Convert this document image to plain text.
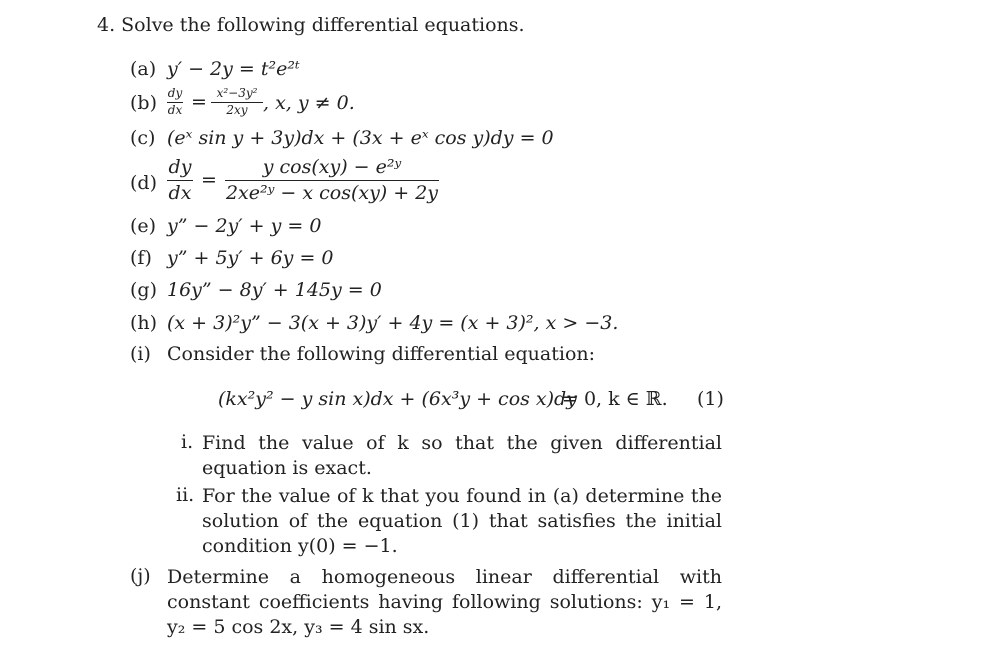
4. Solve the following differential equations.
(a) y′ − 2y = t²e²ᵗ
(b) dy
dx = x²−3y²
2xy , x, y ≠ 0.
(c) (eˣ sin y + 3y)dx + (3x + eˣ cos y)dy = 0
(d)
dy
dx
=
y cos(xy) − e²ʸ
2xe²ʸ − x cos(xy) + 2y
(e) y” − 2y′ + y = 0
(f) y” + 5y′ + 6y = 0
(g) 16y” − 8y′ + 145y = 0
(h) (x + 3)²y” − 3(x + 3)y′ + 4y = (x + 3)², x > −3.
(i) Consider the following differential equation:
(kx²y² − y sin x)dx + (6x³y + cos x)dy
= 0, k ∈ ℝ. (1)
i. Find the value of k so that the given differential equation is exact.
ii. For the value of k that you found in (a) determine the solution of the equation (1) that satisfies the initial condition y(0) = −1.
(j) Determine a homogeneous linear differential with constant coefficients having following solutions: y₁ = 1, y₂ = 5 cos 2x, y₃ = 4 sin sx.
